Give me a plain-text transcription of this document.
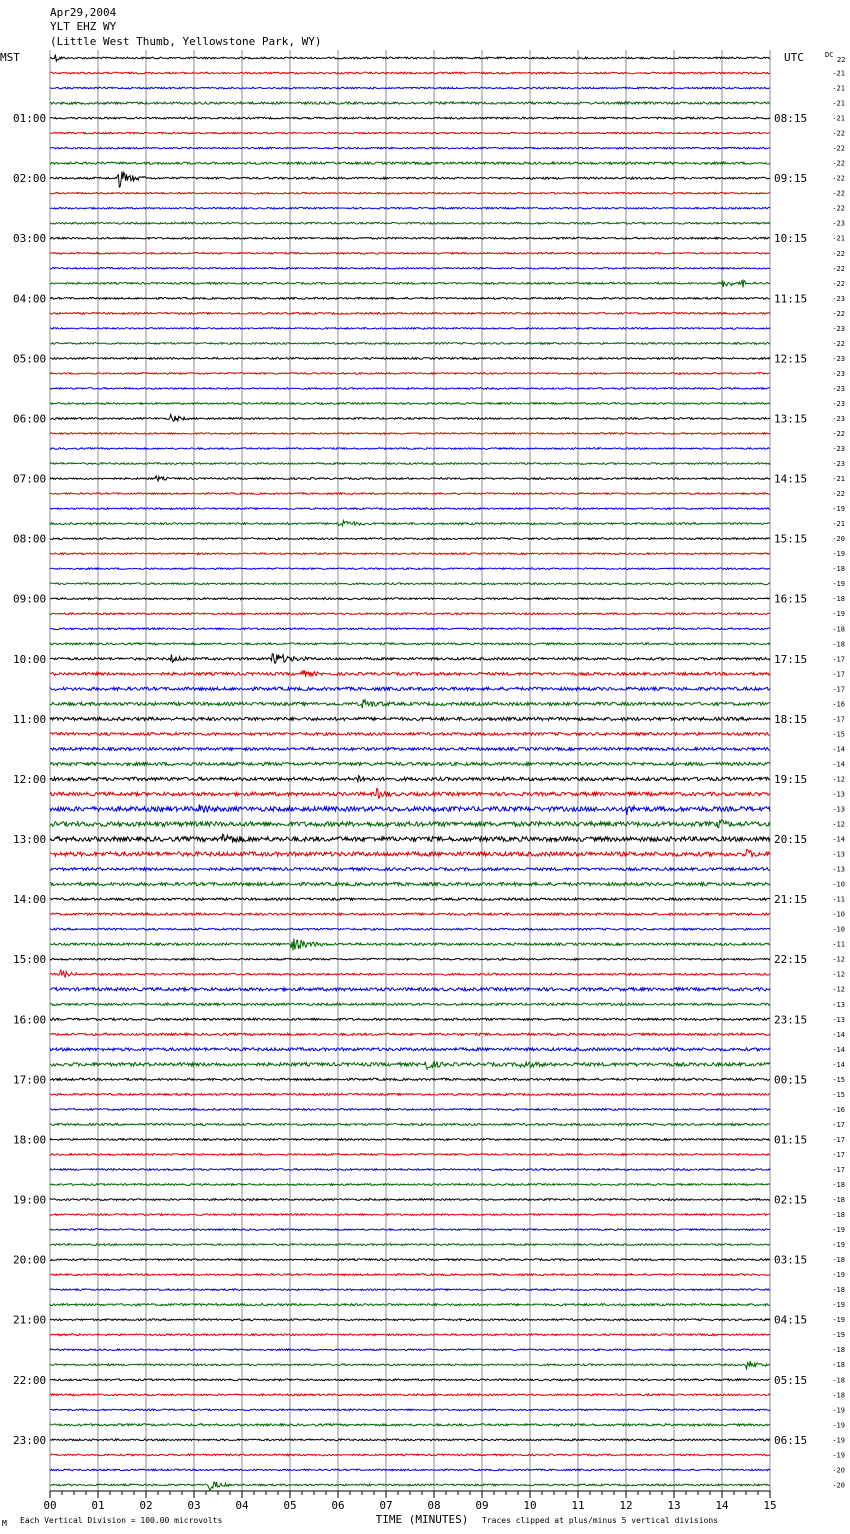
Apr29,2004
YLT EHZ WY
(Little West Thumb, Yellowstone Park, WY)
MST	UTC	DC
22
01:00
02:00
03:00
04:00
05:00
06:00
07:00
08:00
09:00
10:00
11:00
12:00
13:00
14:00
15:00
16:00
17:00
18:00
19:00
20:00
21:00
22:00
23:00
08:15
09:15
10:15
11:15
12:15
13:15
14:15
15:15
16:15
17:15
18:15
19:15
20:15
21:15
22:15
23:15
00:15
01:15
02:15
03:15
04:15
05:15
06:15
-21
-21
-21
-21
-22
-22
-22
-22
-22
-22
-23
-21
-22
-22
-22
-23
-22
-23
-22
-23
-23
-23
-23
-23
-22
-23
-23
-21
-22
-19
-21
-20
-19
-18
-19
-18
-19
-18
-18
-17
-17
-17
-16
-17
-15
-14
-14
-12
-13
-13
-12
-14
-13
-13
-10
-11
-10
-10
-11
-12
-12
-12
-13
-13
-14
-14
-14
-15
-15
-16
-17
-17
-17
-17
-18
-18
-18
-19
-19
-18
-19
-18
-19
-19
-19
-18
-18
-18
-18
-19
-19
-19
-19
-20
-20
00	01	02	03	04	05	06	07	08	09	10	11	12	13	14	15
TIME (MINUTES)
Each Vertical Division = 100.00 microvolts	Traces clipped at plus/minus 5 vertical divisions
M
